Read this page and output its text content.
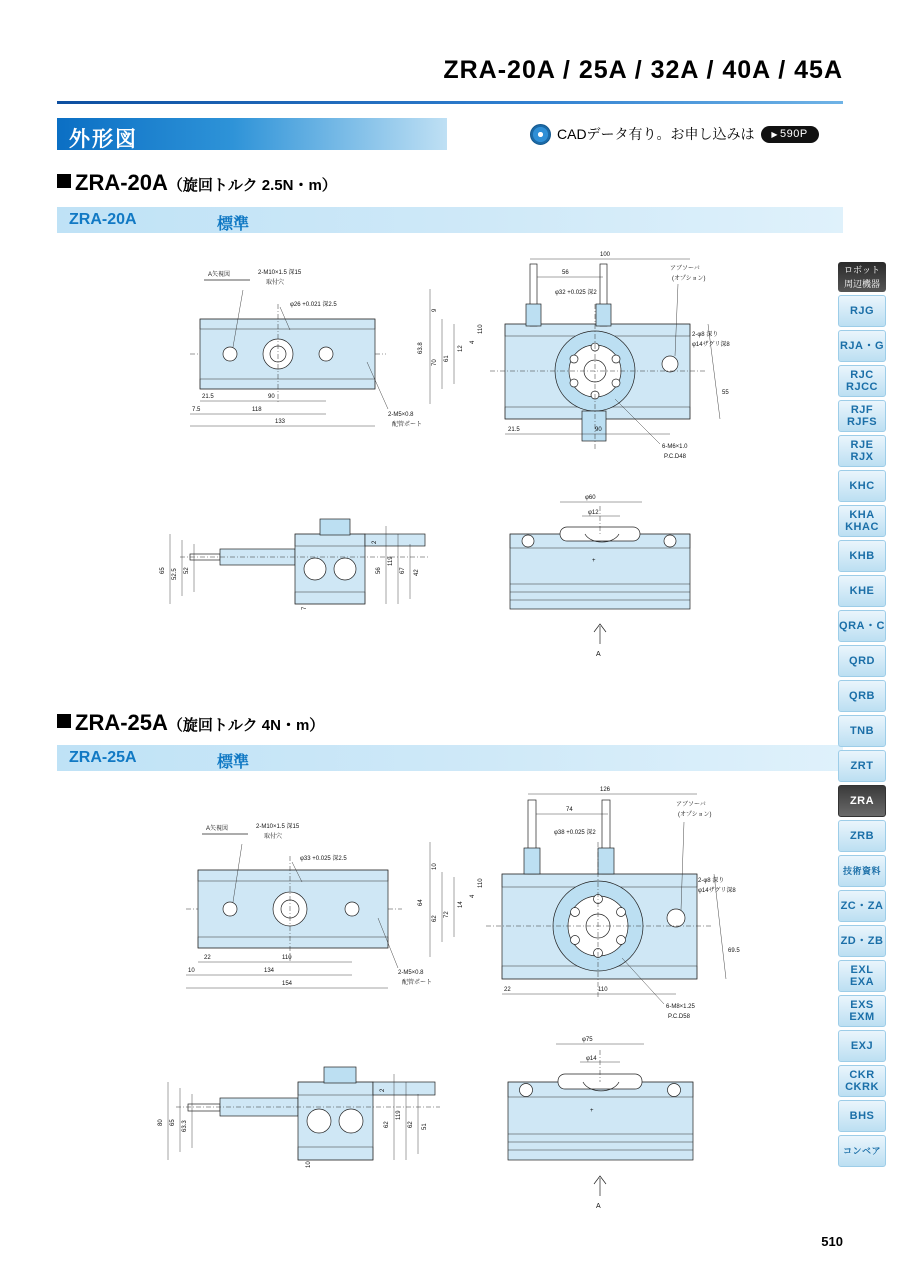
ZRA-20A / 25A / 32A / 40A / 45A
外形図	CADデータ有り。お申し込みは ▶ 590P
ZRA-20A（旋回トルク 2.5N・m）
ZRA-20A	標準
A矢視図	2-M10×1.5 深15
取付穴
φ26 +0.021 深2.5
2-M5×0.8
配管ポート
21.5	90
7.5	118
133
63.8
9
70
61
12
4
110
100
56
φ32 +0.025 深2
アブソーバ
(オプション)
2-φ8 深り
φ14ザグリ深8
55
21.5	90
6-M6×1.0
P.C.D48
65 52.5 52
7
2
56
119
67 42
+
φ60
φ12
A
ZRA-25A（旋回トルク 4N・m）
ZRA-25A	標準
A矢視図	2-M10×1.5 深15
取付穴
φ33 +0.025 深2.5
2-M5×0.8
配管ポート
22	110
10	134
154
64
10
62
72
14
4
110
126
74
φ38 +0.025 深2
アブソーバ
(オプション)
2-φ8 深り
φ14ザグリ深8
69.5
22	110
6-M8×1.25
P.C.D58
80 65 63.3
10
2
62
119
62 51
+
φ75
φ14
A
ロボット
周辺機器
RJG
RJA・G
RJC
RJCC
RJF
RJFS
RJE
RJX
KHC
KHA
KHAC
KHB
KHE
QRA・C
QRD
QRB
TNB
ZRT
ZRA
ZRB
技術資料
ZC・ZA
ZD・ZB
EXL
EXA
EXS
EXM
EXJ
CKR
CKRK
BHS
コンベア
510
